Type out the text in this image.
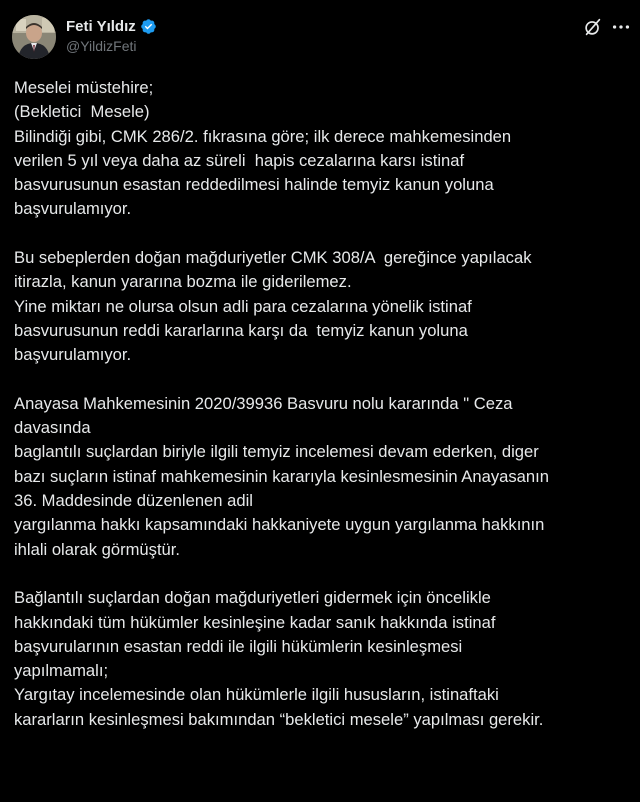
Feti Yıldız
@YildizFeti
Meselei müstehire;
(Bekletici  Mesele)
Bilindiği gibi, CMK 286/2. fıkrasına göre; ilk derece mahkemesinden
verilen 5 yıl veya daha az süreli  hapis cezalarına karsı istinaf
basvurusunun esastan reddedilmesi halinde temyiz kanun yoluna
başvurulamıyor.
Bu sebeplerden doğan mağduriyetler CMK 308/A  gereğince yapılacak
itirazla, kanun yararına bozma ile giderilemez.
Yine miktarı ne olursa olsun adli para cezalarına yönelik istinaf
basvurusunun reddi kararlarına karşı da  temyiz kanun yoluna
başvurulamıyor.
Anayasa Mahkemesinin 2020/39936 Basvuru nolu kararında " Ceza
davasında
baglantılı suçlardan biriyle ilgili temyiz incelemesi devam ederken, diger
bazı suçların istinaf mahkemesinin kararıyla kesinlesmesinin Anayasanın
36. Maddesinde düzenlenen adil
yargılanma hakkı kapsamındaki hakkaniyete uygun yargılanma hakkının
ihlali olarak görmüştür.
Bağlantılı suçlardan doğan mağduriyetleri gidermek için öncelikle
hakkındaki tüm hükümler kesinleşine kadar sanık hakkında istinaf
başvurularının esastan reddi ile ilgili hükümlerin kesinleşmesi
yapılmamalı;
Yargıtay incelemesinde olan hükümlerle ilgili hususların, istinaftaki
kararların kesinleşmesi bakımından “bekletici mesele” yapılması gerekir.
